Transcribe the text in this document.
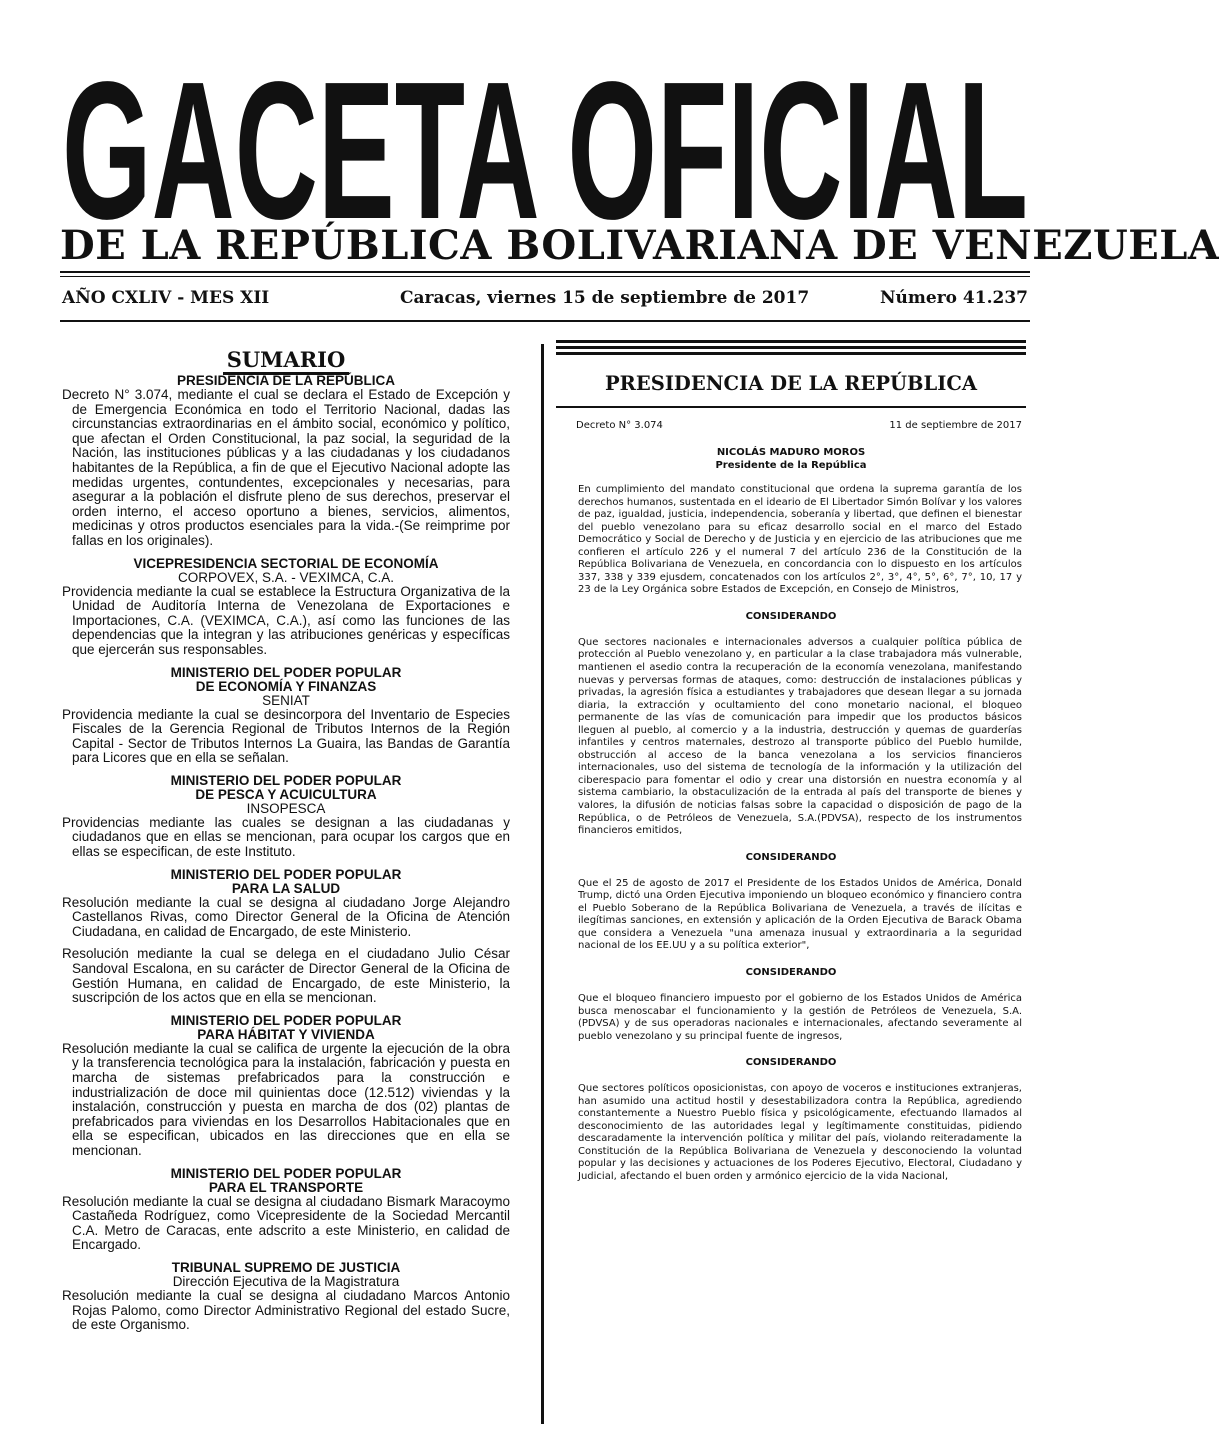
GACETA OFICIAL
DE LA REPÚBLICA BOLIVARIANA DE VENEZUELA
AÑO CXLIV - MES XII	Caracas, viernes 15 de septiembre de 2017	Número 41.237
SUMARIO
PRESIDENCIA DE LA REPÚBLICA
Decreto N° 3.074, mediante el cual se declara el Estado de Excepción y de Emergencia Económica en todo el Territorio Nacional, dadas las circunstancias extraordinarias en el ámbito social, económico y político, que afectan el Orden Constitucional, la paz social, la seguridad de la Nación, las instituciones públicas y a las ciudadanas y los ciudadanos habitantes de la República, a fin de que el Ejecutivo Nacional adopte las medidas urgentes, contundentes, excepcionales y necesarias, para asegurar a la población el disfrute pleno de sus derechos, preservar el orden interno, el acceso oportuno a bienes, servicios, alimentos, medicinas y otros productos esenciales para la vida.-(Se reimprime por fallas en los originales).
VICEPRESIDENCIA SECTORIAL DE ECONOMÍA
CORPOVEX, S.A. - VEXIMCA, C.A.
Providencia mediante la cual se establece la Estructura Organizativa de la Unidad de Auditoría Interna de Venezolana de Exportaciones e Importaciones, C.A. (VEXIMCA, C.A.), así como las funciones de las dependencias que la integran y las atribuciones genéricas y específicas que ejercerán sus responsables.
MINISTERIO DEL PODER POPULAR
DE ECONOMÍA Y FINANZAS
SENIAT
Providencia mediante la cual se desincorpora del Inventario de Especies Fiscales de la Gerencia Regional de Tributos Internos de la Región Capital - Sector de Tributos Internos La Guaira, las Bandas de Garantía para Licores que en ella se señalan.
MINISTERIO DEL PODER POPULAR
DE PESCA Y ACUICULTURA
INSOPESCA
Providencias mediante las cuales se designan a las ciudadanas y ciudadanos que en ellas se mencionan, para ocupar los cargos que en ellas se especifican, de este Instituto.
MINISTERIO DEL PODER POPULAR
PARA LA SALUD
Resolución mediante la cual se designa al ciudadano Jorge Alejandro Castellanos Rivas, como Director General de la Oficina de Atención Ciudadana, en calidad de Encargado, de este Ministerio.
Resolución mediante la cual se delega en el ciudadano Julio César Sandoval Escalona, en su carácter de Director General de la Oficina de Gestión Humana, en calidad de Encargado, de este Ministerio, la suscripción de los actos que en ella se mencionan.
MINISTERIO DEL PODER POPULAR
PARA HÁBITAT Y VIVIENDA
Resolución mediante la cual se califica de urgente la ejecución de la obra y la transferencia tecnológica para la instalación, fabricación y puesta en marcha de sistemas prefabricados para la construcción e industrialización de doce mil quinientas doce (12.512) viviendas y la instalación, construcción y puesta en marcha de dos (02) plantas de prefabricados para viviendas en los Desarrollos Habitacionales que en ella se especifican, ubicados en las direcciones que en ella se mencionan.
MINISTERIO DEL PODER POPULAR
PARA EL TRANSPORTE
Resolución mediante la cual se designa al ciudadano Bismark Maracoymo Castañeda Rodríguez, como Vicepresidente de la Sociedad Mercantil C.A. Metro de Caracas, ente adscrito a este Ministerio, en calidad de Encargado.
TRIBUNAL SUPREMO DE JUSTICIA
Dirección Ejecutiva de la Magistratura
Resolución mediante la cual se designa al ciudadano Marcos Antonio Rojas Palomo, como Director Administrativo Regional del estado Sucre, de este Organismo.
PRESIDENCIA DE LA REPÚBLICA
Decreto N° 3.074	11 de septiembre de 2017
NICOLÁS MADURO MOROS
Presidente de la República
En cumplimiento del mandato constitucional que ordena la suprema garantía de los derechos humanos, sustentada en el ideario de El Libertador Simón Bolívar y los valores de paz, igualdad, justicia, independencia, soberanía y libertad, que definen el bienestar del pueblo venezolano para su eficaz desarrollo social en el marco del Estado Democrático y Social de Derecho y de Justicia y en ejercicio de las atribuciones que me confieren el artículo 226 y el numeral 7 del artículo 236 de la Constitución de la República Bolivariana de Venezuela, en concordancia con lo dispuesto en los artículos 337, 338 y 339 ejusdem, concatenados con los artículos 2°, 3°, 4°, 5°, 6°, 7°, 10, 17 y 23 de la Ley Orgánica sobre Estados de Excepción, en Consejo de Ministros,
CONSIDERANDO
Que sectores nacionales e internacionales adversos a cualquier política pública de protección al Pueblo venezolano y, en particular a la clase trabajadora más vulnerable, mantienen el asedio contra la recuperación de la economía venezolana, manifestando nuevas y perversas formas de ataques, como: destrucción de instalaciones públicas y privadas, la agresión física a estudiantes y trabajadores que desean llegar a su jornada diaria, la extracción y ocultamiento del cono monetario nacional, el bloqueo permanente de las vías de comunicación para impedir que los productos básicos lleguen al pueblo, al comercio y a la industria, destrucción y quemas de guarderías infantiles y centros maternales, destrozo al transporte público del Pueblo humilde, obstrucción al acceso de la banca venezolana a los servicios financieros internacionales, uso del sistema de tecnología de la información y la utilización del ciberespacio para fomentar el odio y crear una distorsión en nuestra economía y al sistema cambiario, la obstaculización de la entrada al país del transporte de bienes y valores, la difusión de noticias falsas sobre la capacidad o disposición de pago de la República, o de Petróleos de Venezuela, S.A.(PDVSA), respecto de los instrumentos financieros emitidos,
CONSIDERANDO
Que el 25 de agosto de 2017 el Presidente de los Estados Unidos de América, Donald Trump, dictó una Orden Ejecutiva imponiendo un bloqueo económico y financiero contra el Pueblo Soberano de la República Bolivariana de Venezuela, a través de ilícitas e ilegítimas sanciones, en extensión y aplicación de la Orden Ejecutiva de Barack Obama que considera a Venezuela "una amenaza inusual y extraordinaria a la seguridad nacional de los EE.UU y a su política exterior",
CONSIDERANDO
Que el bloqueo financiero impuesto por el gobierno de los Estados Unidos de América busca menoscabar el funcionamiento y la gestión de Petróleos de Venezuela, S.A. (PDVSA) y de sus operadoras nacionales e internacionales, afectando severamente al pueblo venezolano y su principal fuente de ingresos,
CONSIDERANDO
Que sectores políticos oposicionistas, con apoyo de voceros e instituciones extranjeras, han asumido una actitud hostil y desestabilizadora contra la República, agrediendo constantemente a Nuestro Pueblo física y psicológicamente, efectuando llamados al desconocimiento de las autoridades legal y legítimamente constituidas, pidiendo descaradamente la intervención política y militar del país, violando reiteradamente la Constitución de la República Bolivariana de Venezuela y desconociendo la voluntad popular y las decisiones y actuaciones de los Poderes Ejecutivo, Electoral, Ciudadano y Judicial, afectando el buen orden y armónico ejercicio de la vida Nacional,
